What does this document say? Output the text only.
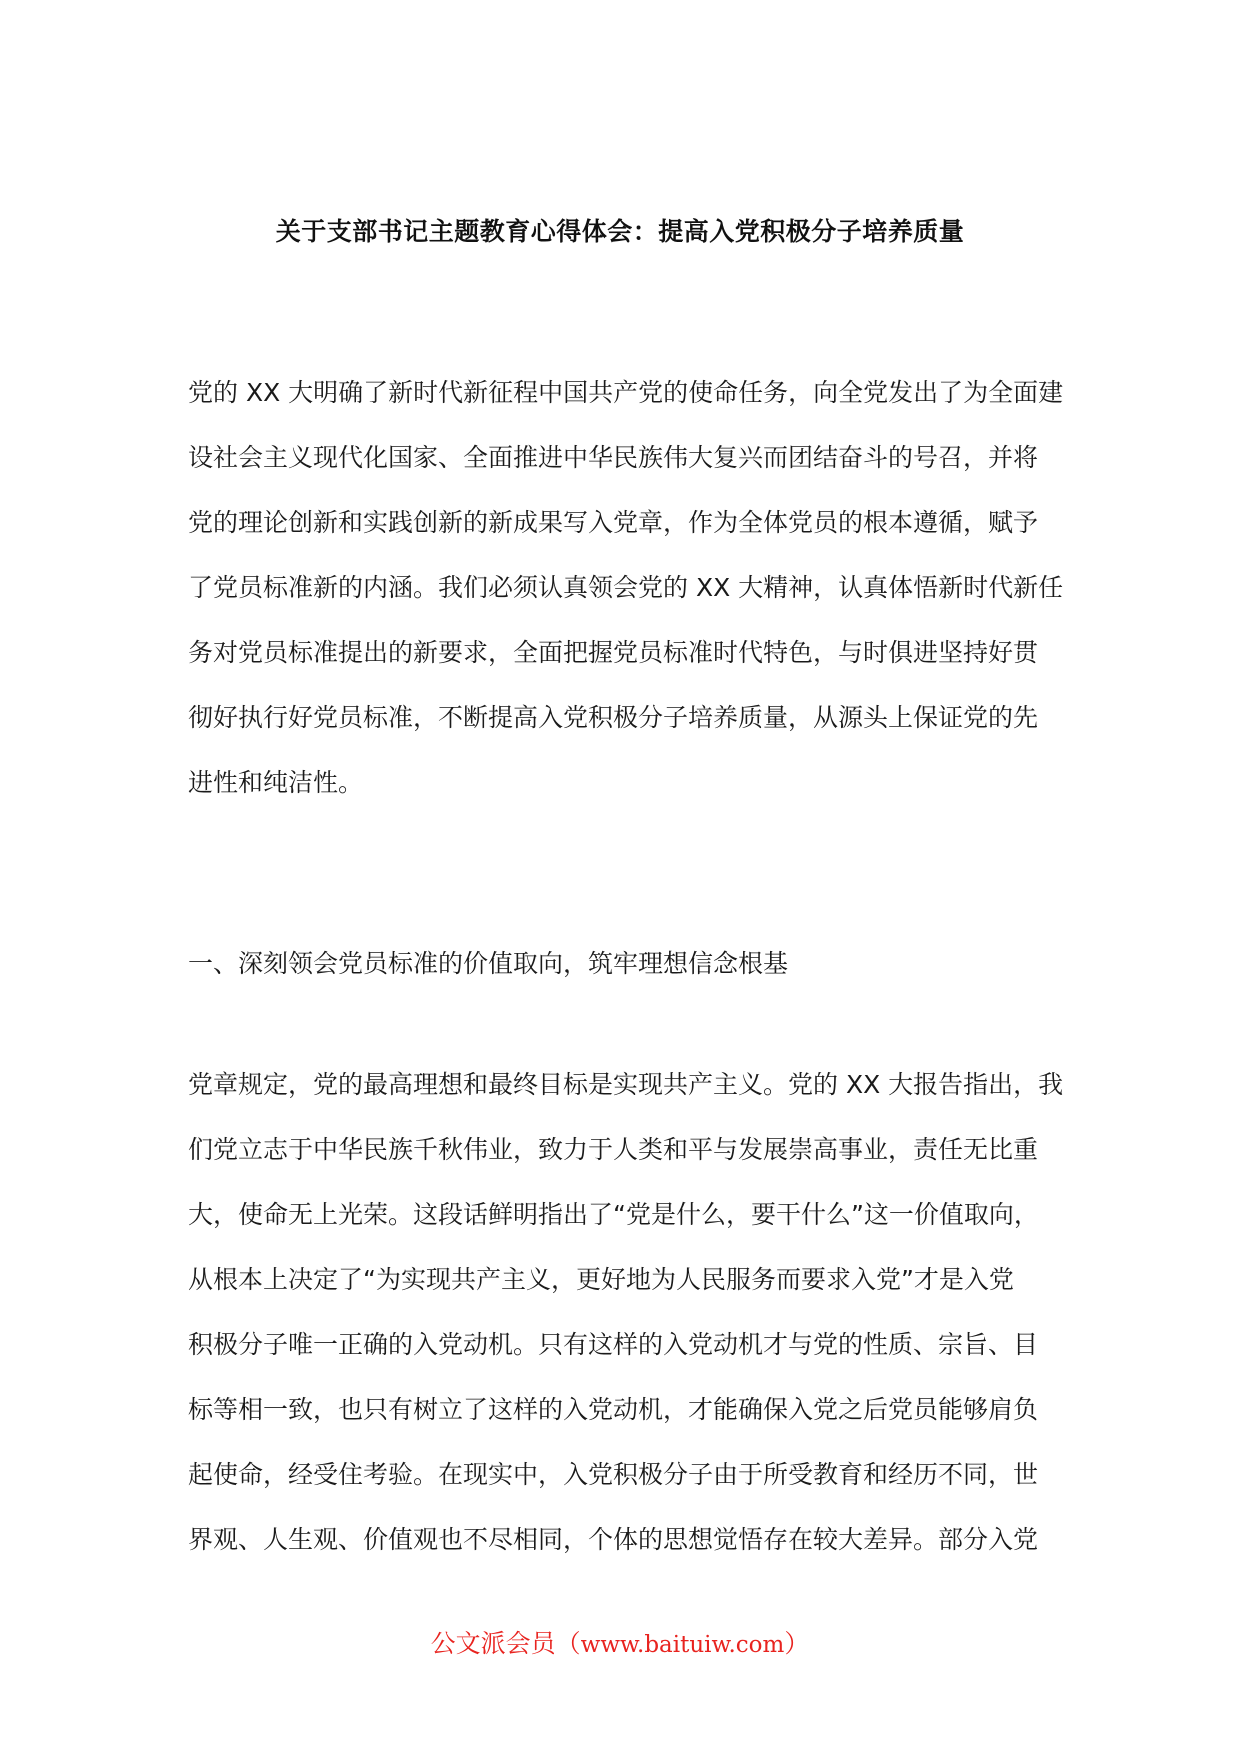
关于支部书记主题教育心得体会：提高入党积极分子培养质量
党的 XX 大明确了新时代新征程中国共产党的使命任务，向全党发出了为全面建
设社会主义现代化国家、全面推进中华民族伟大复兴而团结奋斗的号召，并将
党的理论创新和实践创新的新成果写入党章，作为全体党员的根本遵循，赋予
了党员标准新的内涵。我们必须认真领会党的 XX 大精神，认真体悟新时代新任
务对党员标准提出的新要求，全面把握党员标准时代特色，与时俱进坚持好贯
彻好执行好党员标准，不断提高入党积极分子培养质量，从源头上保证党的先
进性和纯洁性。
一、深刻领会党员标准的价值取向，筑牢理想信念根基
党章规定，党的最高理想和最终目标是实现共产主义。党的 XX 大报告指出，我
们党立志于中华民族千秋伟业，致力于人类和平与发展崇高事业，责任无比重
大，使命无上光荣。这段话鲜明指出了“党是什么，要干什么”这一价值取向，
从根本上决定了“为实现共产主义，更好地为人民服务而要求入党”才是入党
积极分子唯一正确的入党动机。只有这样的入党动机才与党的性质、宗旨、目
标等相一致，也只有树立了这样的入党动机，才能确保入党之后党员能够肩负
起使命，经受住考验。在现实中，入党积极分子由于所受教育和经历不同，世
界观、人生观、价值观也不尽相同，个体的思想觉悟存在较大差异。部分入党
公文派会员（www.baituiw.com）
